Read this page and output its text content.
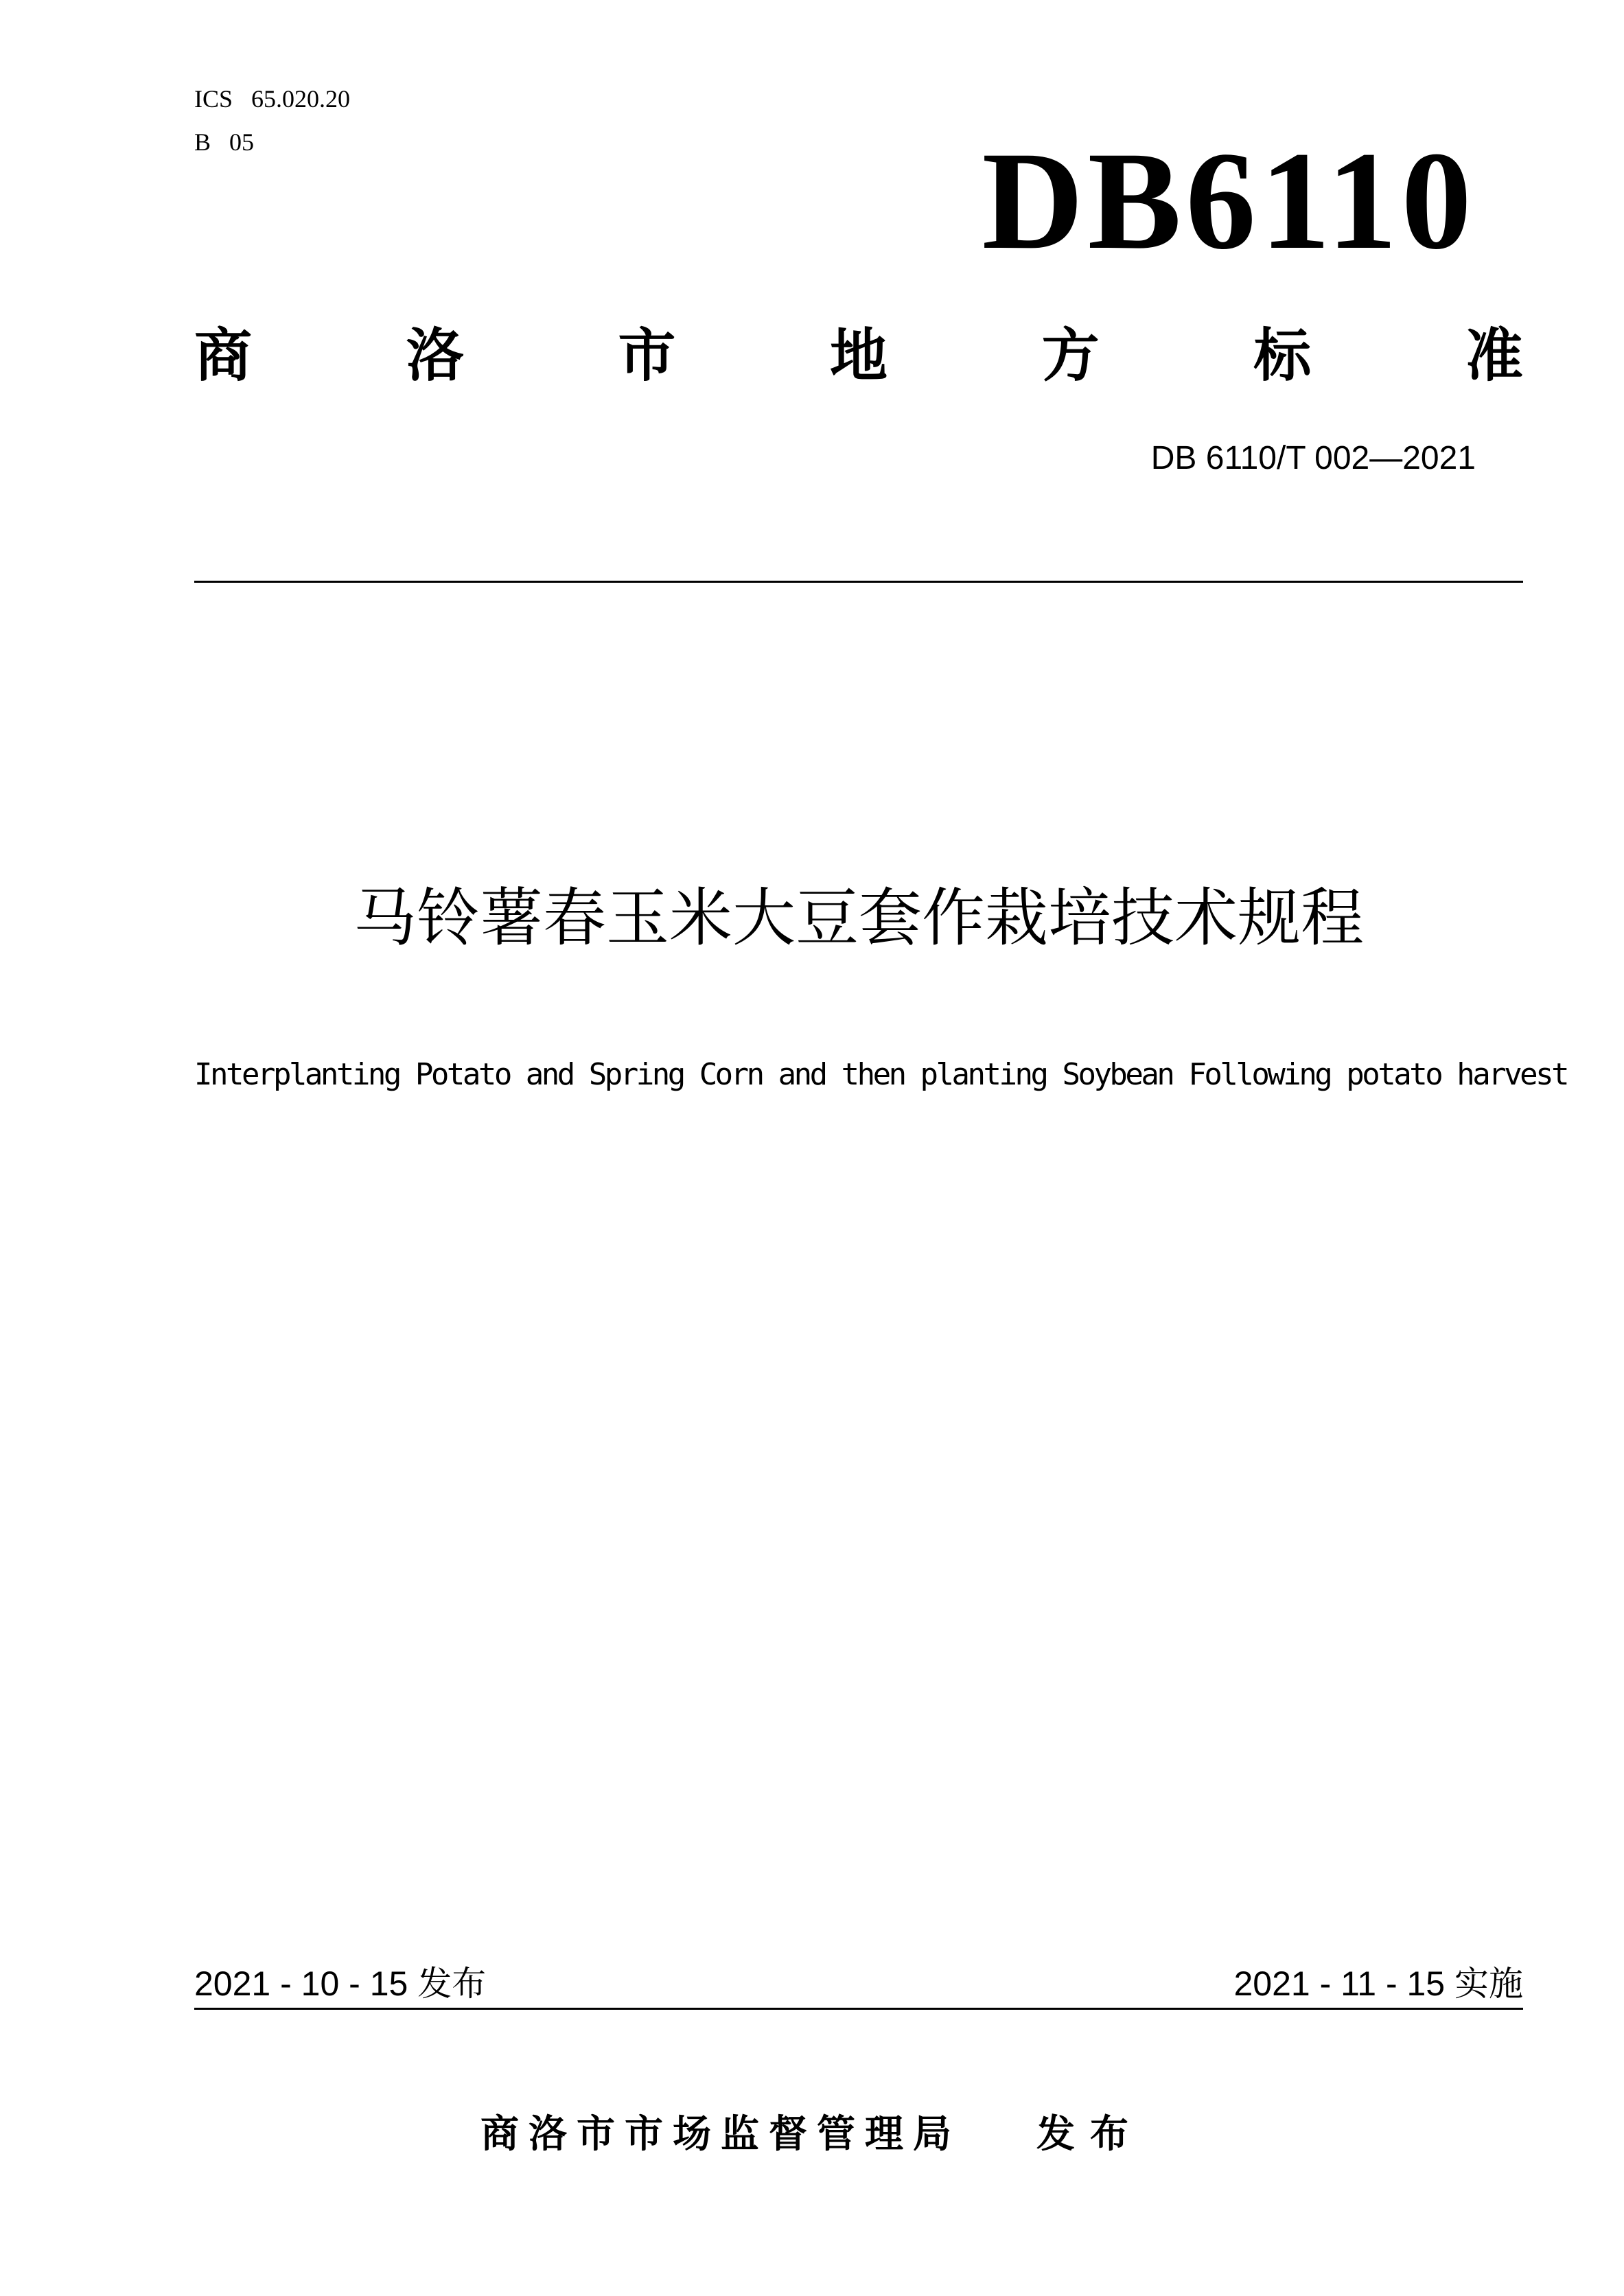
ICS   65.020.20
B   05	DB6110
商	洛	市	地	方	标	准
DB 6110/T 002—2021
马铃薯春玉米大豆套作栽培技术规程
Interplanting Potato and Spring Corn and then planting Soybean Following potato harvest
2021 - 10 - 15 发布	2021 - 11 - 15 实施
商洛市市场监督管理局 发布
